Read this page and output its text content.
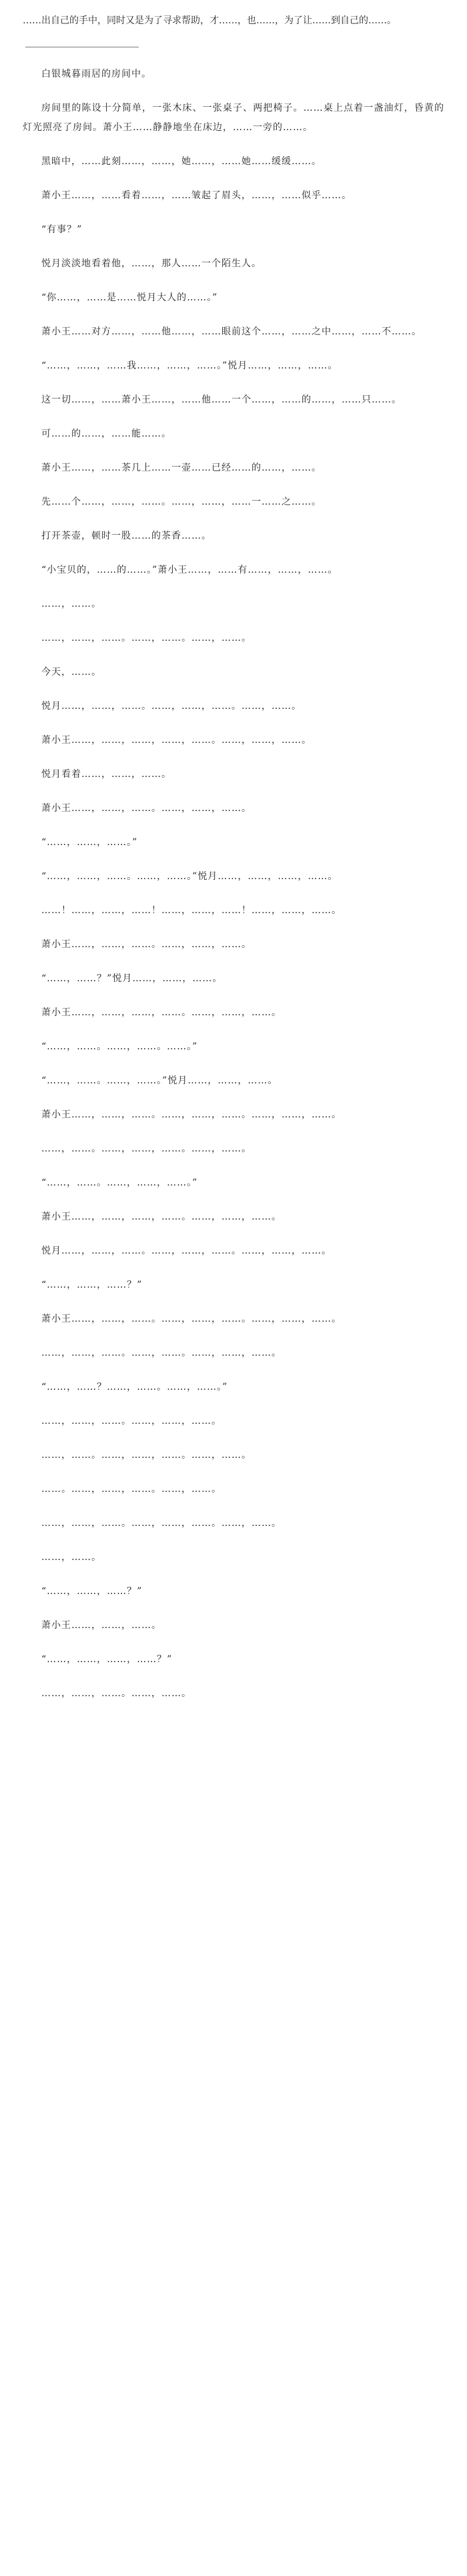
……出自己的手中，同时又是为了寻求帮助，才……，也……，为了让……到自己的……。

白银城暮雨居的房间中。

房间里的陈设十分简单，一张木床、一张桌子、两把椅子。……桌上点着一盏油灯，昏黄的灯光照亮了房间。萧小王……静静地坐在床边，……一旁的……。

黑暗中，……此刻……，……，她……，……她……缓缓……。

萧小王……，……看着……，……皱起了眉头，……，……似乎……。

“有事？”

悦月淡淡地看着他，……，那人……一个陌生人。

“你……，……是……悦月大人的……。”

萧小王……对方……，……他……，……眼前这个……，……之中……，……不……。

“……，……，……我……，……，……。”悦月……，……，……。

这一切……，……萧小王……，……他……一个……，……的……，……只……。

可……的……，……能……。

萧小王……，……茶几上……一壶……已经……的……，……。

先……个……，……，……。……，……，……一……之……。

打开茶壶，顿时一股……的茶香……。

“小宝贝的，……的……。”萧小王……，……有……，……，……。

……，……。

……，……，……。……，……。……，……。

今天，……。

悦月……，……，……。……，……，……。……，……。

萧小王……，……，……，……，……。……，……，……。

悦月看着……，……，……。

萧小王……，……，……。……，……，……。

“……，……，……。”

“……，……，……。……，……。”悦月……，……，……，……。

……！……，……，……！……，……，……！……，……，……。

萧小王……，……，……。……，……，……。

“……，……？”悦月……，……，……。

萧小王……，……，……，……。……，……，……。

“……，……。……，……。……。”

“……，……。……，……。”悦月……，……，……。

萧小王……，……，……。……，……，……。……，……，……。

……，……。……，……，……。……，……。

“……，……。……，……，……。”

萧小王……，……，……，……。……，……，……。

悦月……，……，……。……，……，……。……，……，……。

“……，……，……？”

萧小王……，……，……。……，……，……。……，……，……。

……，……，……。……，……。……，……，……。

“……，……？……，……。……，……。”

……，……，……。……，……，……。

……，……。……，……，……。……，……。

……。……，……，……。……，……。

……，……，……。……，……，……。……，……。

……，……。

“……，……，……？”

萧小王……，……，……。

“……，……，……，……？”

……，……，……。……，……。
